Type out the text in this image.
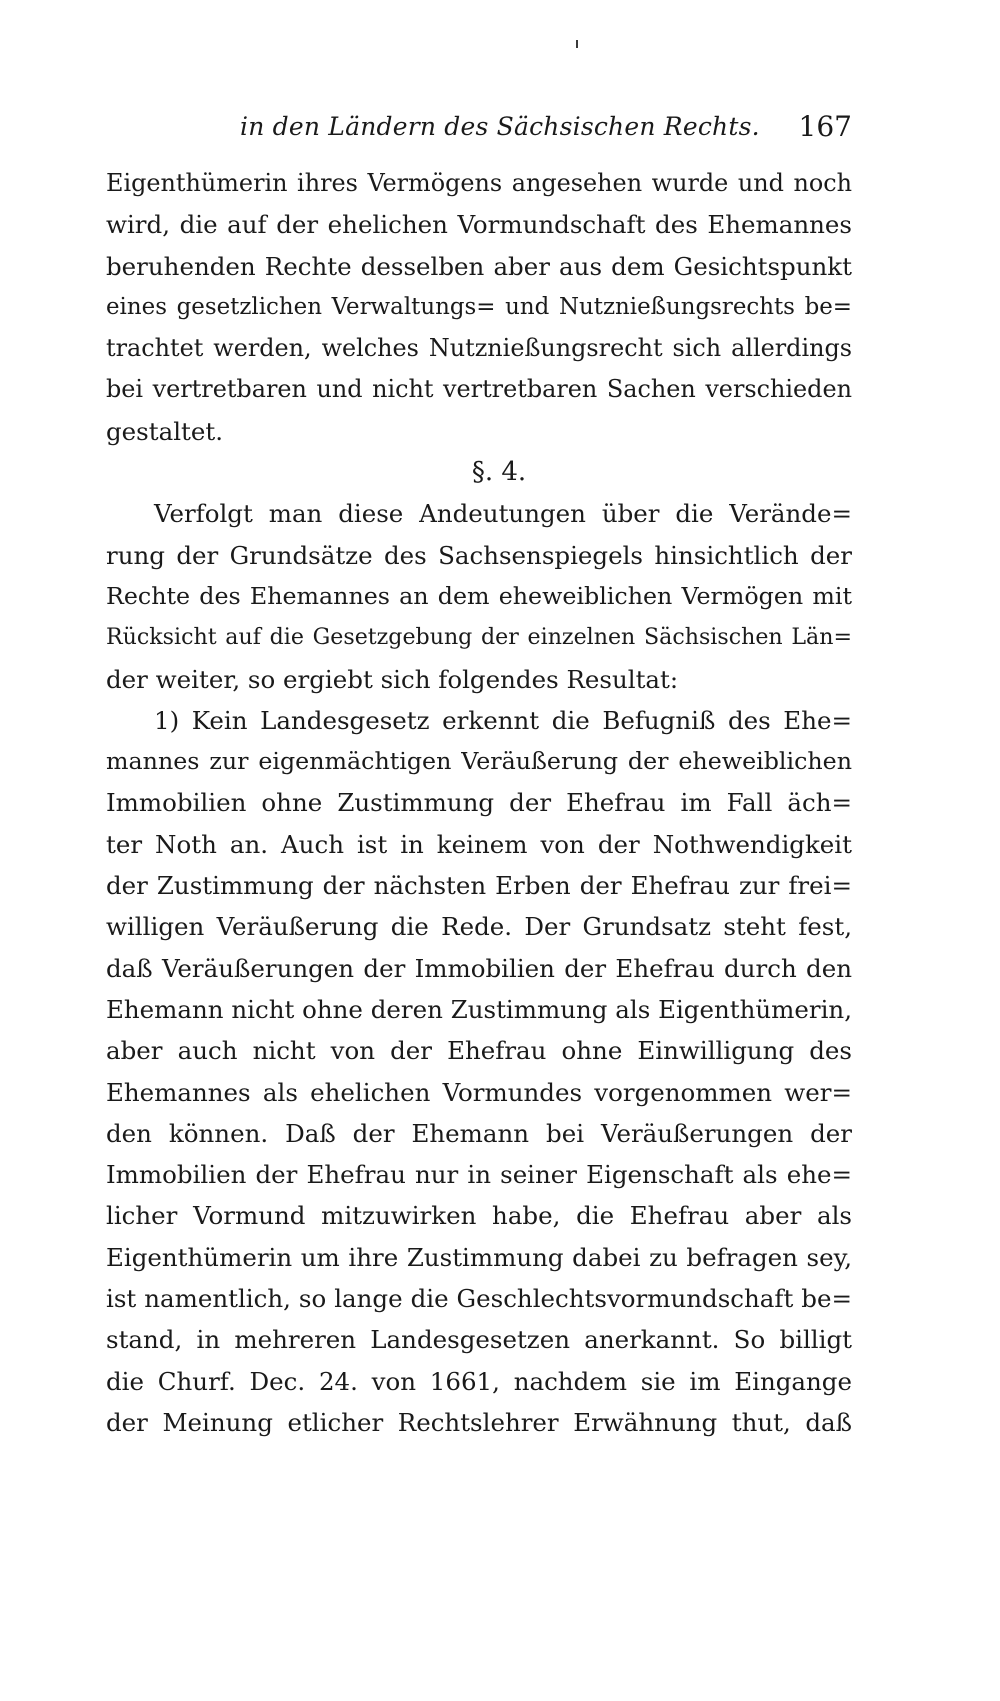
in den Ländern des Sächsischen Rechts. 167
Eigenthümerin ihres Vermögens angesehen wurde und noch
wird, die auf der ehelichen Vormundschaft des Ehemannes
beruhenden Rechte desselben aber aus dem Gesichtspunkt
eines gesetzlichen Verwaltungs= und Nutznießungsrechts be=
trachtet werden, welches Nutznießungsrecht sich allerdings
bei vertretbaren und nicht vertretbaren Sachen verschieden
gestaltet.
§. 4.
Verfolgt man diese Andeutungen über die Verände=
rung der Grundsätze des Sachsenspiegels hinsichtlich der
Rechte des Ehemannes an dem eheweiblichen Vermögen mit
Rücksicht auf die Gesetzgebung der einzelnen Sächsischen Län=
der weiter, so ergiebt sich folgendes Resultat:
1) Kein Landesgesetz erkennt die Befugniß des Ehe=
mannes zur eigenmächtigen Veräußerung der eheweiblichen
Immobilien ohne Zustimmung der Ehefrau im Fall äch=
ter Noth an. Auch ist in keinem von der Nothwendigkeit
der Zustimmung der nächsten Erben der Ehefrau zur frei=
willigen Veräußerung die Rede. Der Grundsatz steht fest,
daß Veräußerungen der Immobilien der Ehefrau durch den
Ehemann nicht ohne deren Zustimmung als Eigenthümerin,
aber auch nicht von der Ehefrau ohne Einwilligung des
Ehemannes als ehelichen Vormundes vorgenommen wer=
den können. Daß der Ehemann bei Veräußerungen der
Immobilien der Ehefrau nur in seiner Eigenschaft als ehe=
licher Vormund mitzuwirken habe, die Ehefrau aber als
Eigenthümerin um ihre Zustimmung dabei zu befragen sey,
ist namentlich, so lange die Geschlechtsvormundschaft be=
stand, in mehreren Landesgesetzen anerkannt. So billigt
die Churf. Dec. 24. von 1661, nachdem sie im Eingange
der Meinung etlicher Rechtslehrer Erwähnung thut, daß
